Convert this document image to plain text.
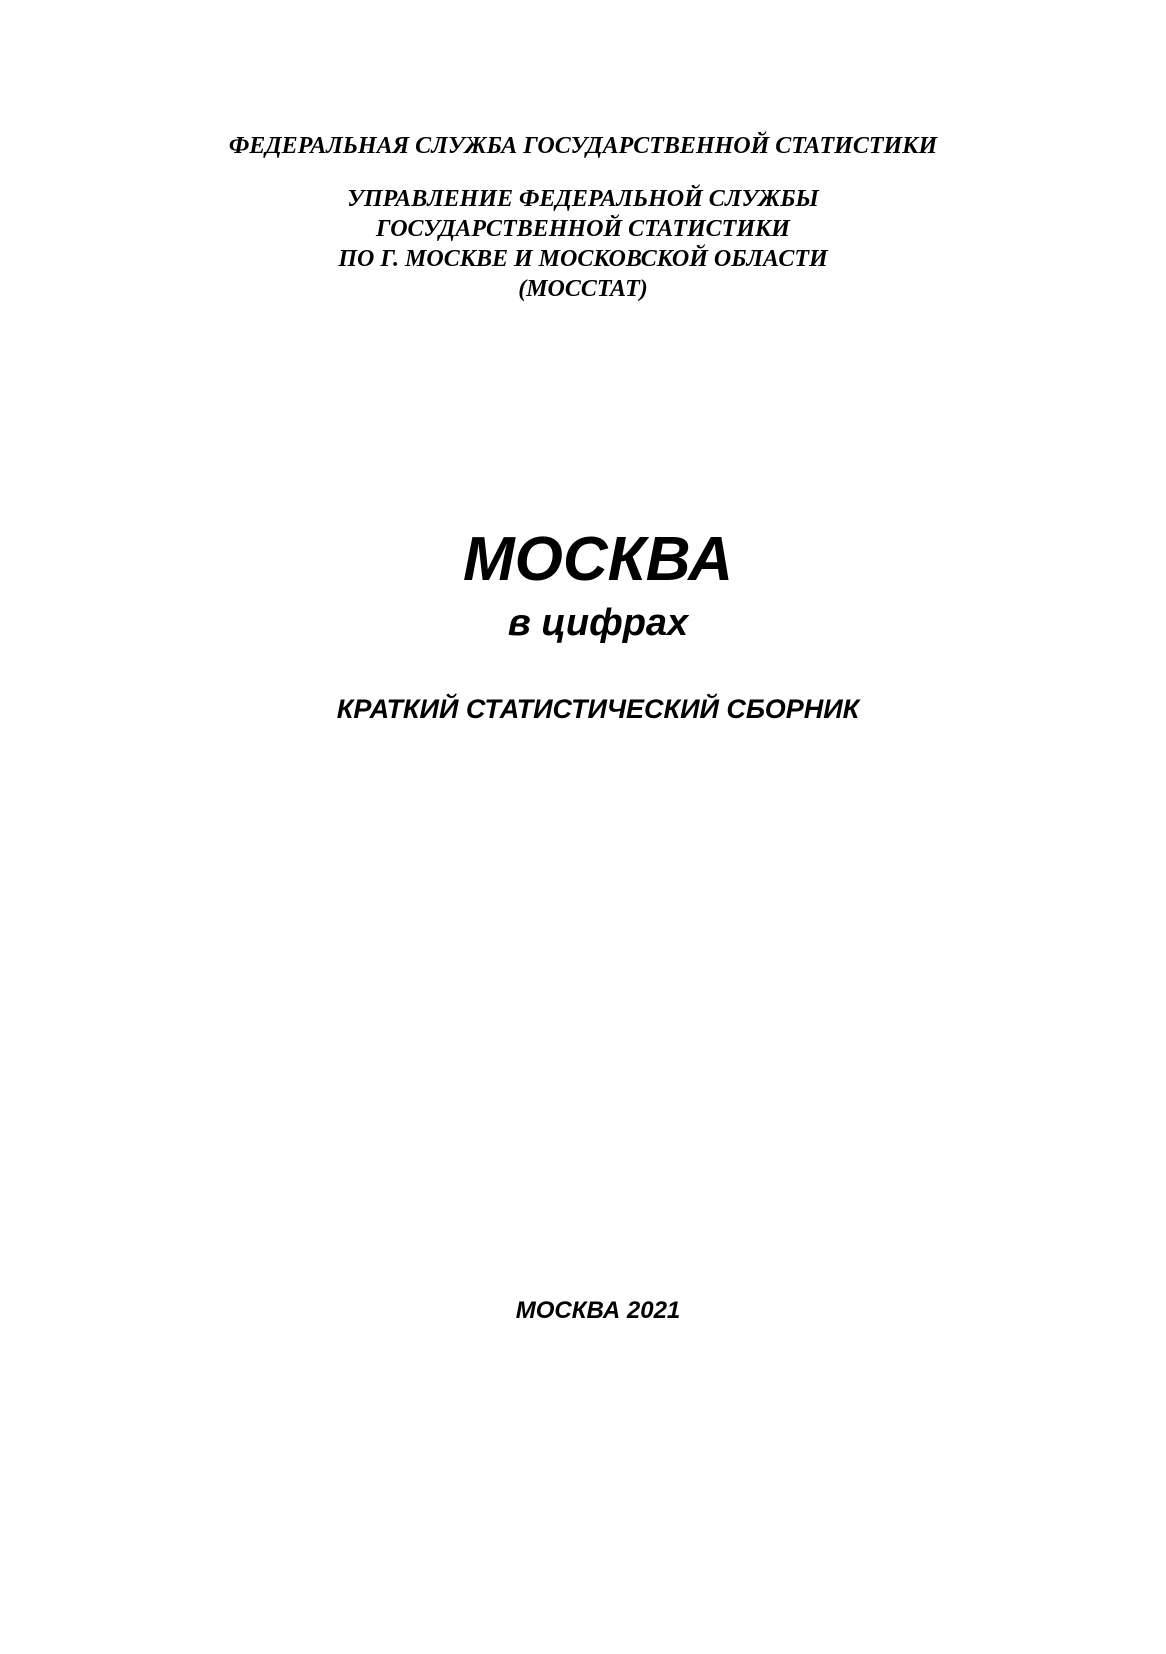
ФЕДЕРАЛЬНАЯ СЛУЖБА ГОСУДАРСТВЕННОЙ СТАТИСТИКИ

УПРАВЛЕНИЕ ФЕДЕРАЛЬНОЙ СЛУЖБЫ
ГОСУДАРСТВЕННОЙ СТАТИСТИКИ
ПО Г. МОСКВЕ И МОСКОВСКОЙ ОБЛАСТИ
(МОССТАТ)
МОСКВА
в цифрах

КРАТКИЙ СТАТИСТИЧЕСКИЙ СБОРНИК

МОСКВА 2021
